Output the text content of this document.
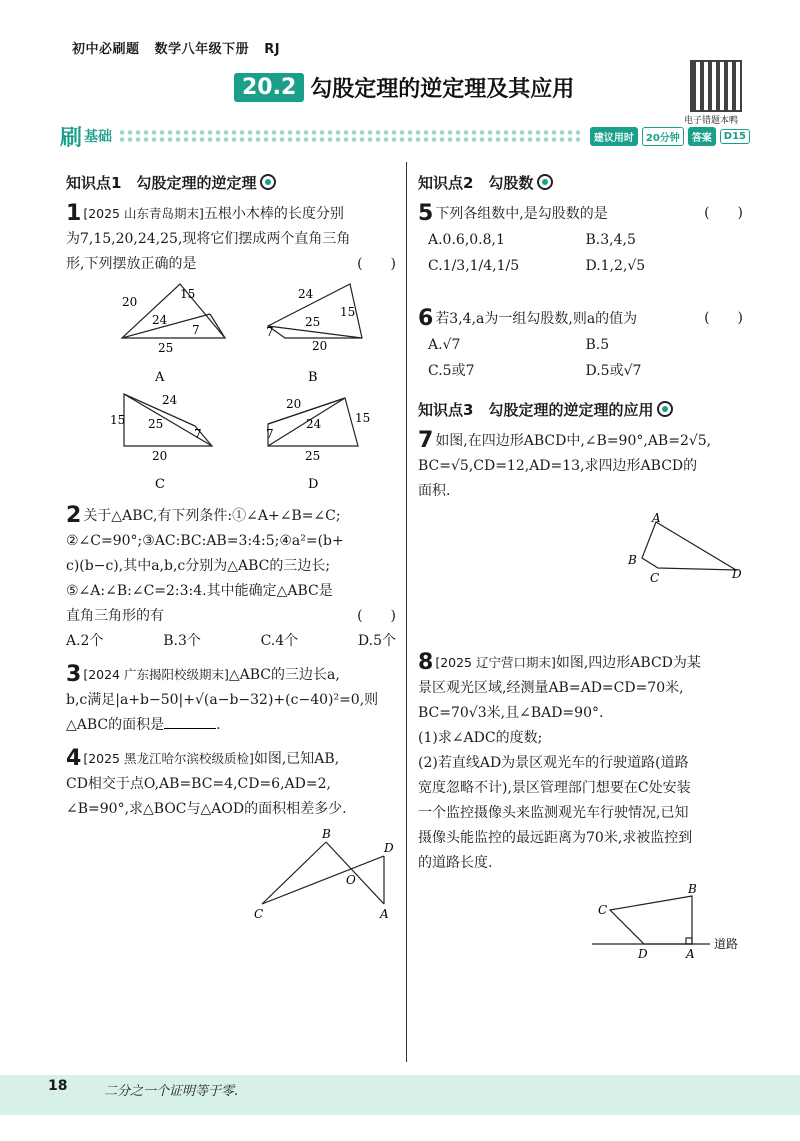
初中必刷题 数学八年级下册 RJ
20.2 勾股定理的逆定理及其应用
电子错题本鸭
刷 基础	建议用时	20分钟	答案	D15
知识点1　勾股定理的逆定理
1 [2025 山东青岛期末]五根小木棒的长度分别
为7,15,20,24,25,现将它们摆成两个直角三角
形,下列摆放正确的是	(　　)
20
15
24
7
25
A
24
15
25
7
20
B
24
15 25
7
20
C
20
15
24
7
25
D
2 关于△ABC,有下列条件:①∠A+∠B=∠C;
②∠C=90°;③AC:BC:AB=3:4:5;④a²=(b+
c)(b−c),其中a,b,c分别为△ABC的三边长;
⑤∠A:∠B:∠C=2:3:4.其中能确定△ABC是
直角三角形的有	(　　)
A.2个	B.3个	C.4个	D.5个
3 [2024 广东揭阳校级期末]△ABC的三边长a,
b,c满足|a+b−50|+√(a−b−32)+(c−40)²=0,则
△ABC的面积是	.
4 [2025 黑龙江哈尔滨校级质检]如图,已知AB,
CD相交于点O,AB=BC=4,CD=6,AD=2,
∠B=90°,求△BOC与△AOD的面积相差多少.
B
D
O
C	A
知识点2　勾股数
5 下列各组数中,是勾股数的是	(　　)
A.0.6,0.8,1	B.3,4,5
C.1/3,1/4,1/5	D.1,2,√5
6 若3,4,a为一组勾股数,则a的值为	(　　)
A.√7	B.5
C.5或7	D.5或√7
知识点3　勾股定理的逆定理的应用
7 如图,在四边形ABCD中,∠B=90°,AB=2√5,
BC=√5,CD=12,AD=13,求四边形ABCD的
面积.
A
B
C	D
8 [2025 辽宁营口期末]如图,四边形ABCD为某
景区观光区域,经测量AB=AD=CD=70米,
BC=70√3米,且∠BAD=90°.
(1)求∠ADC的度数;
(2)若直线AD为景区观光车的行驶道路(道路
宽度忽略不计),景区管理部门想要在C处安装
一个监控摄像头来监测观光车行驶情况,已知
摄像头能监控的最远距离为70米,求被监控到
的道路长度.
B
C
D	A
道路
18	二分之一个证明等于零.
